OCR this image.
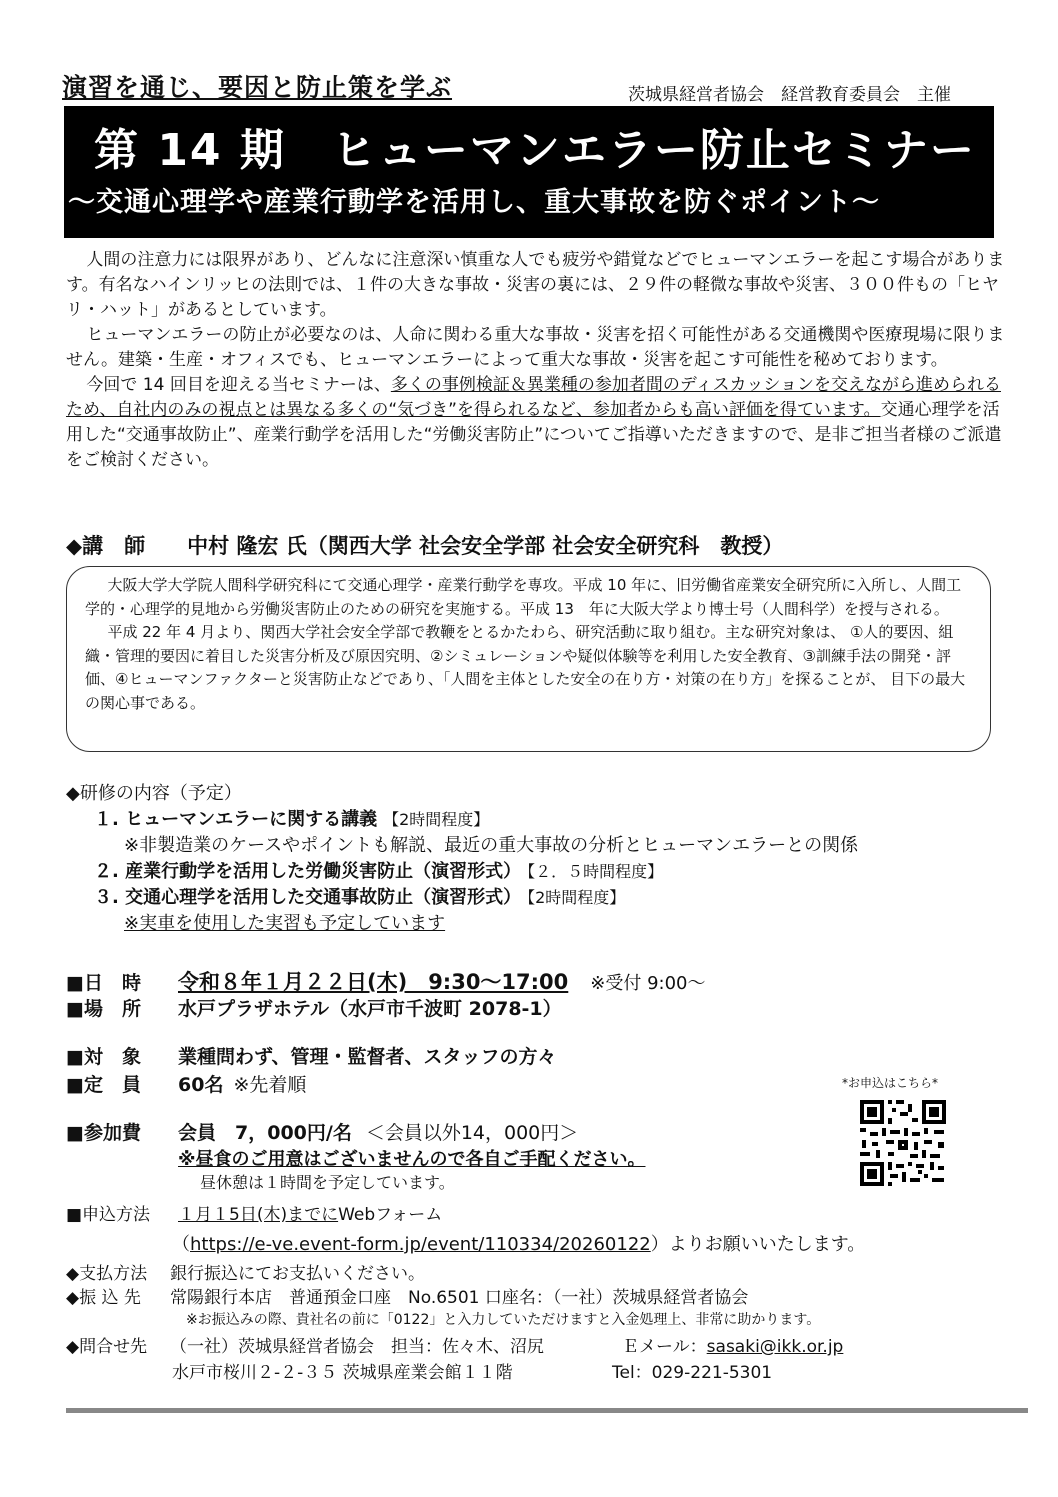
演習を通じ、要因と防止策を学ぶ	茨城県経営者協会　経営教育委員会　主催
第 14 期　ヒューマンエラー防止セミナー
～交通心理学や産業行動学を活用し、重大事故を防ぐポイント～

人間の注意力には限界があり、どんなに注意深い慎重な人でも疲労や錯覚などでヒューマンエラーを起こす場合があります。有名なハインリッヒの法則では、１件の大きな事故・災害の裏には、２９件の軽微な事故や災害、３００件もの「ヒヤリ・ハット」があるとしています。

ヒューマンエラーの防止が必要なのは、人命に関わる重大な事故・災害を招く可能性がある交通機関や医療現場に限りません。建築・生産・オフィスでも、ヒューマンエラーによって重大な事故・災害を起こす可能性を秘めております。

今回で 14 回目を迎える当セミナーは、多くの事例検証＆異業種の参加者間のディスカッションを交えながら進められるため、自社内のみの視点とは異なる多くの“気づき”を得られるなど、参加者からも高い評価を得ています。交通心理学を活用した“交通事故防止”、産業行動学を活用した“労働災害防止”についてご指導いただきますので、是非ご担当者様のご派遣をご検討ください。

◆講　師　　中村 隆宏 氏（関西大学 社会安全学部 社会安全研究科　教授）

大阪大学大学院人間科学研究科にて交通心理学・産業行動学を専攻。平成 10 年に、旧労働省産業安全研究所に入所し、人間工学的・心理学的見地から労働災害防止のための研究を実施する。平成 13　年に大阪大学より博士号（人間科学）を授与される。

平成 22 年 4 月より、関西大学社会安全学部で教鞭をとるかたわら、研究活動に取り組む。主な研究対象は、 ①人的要因、組織・管理的要因に着目した災害分析及び原因究明、②シミュレーションや疑似体験等を利用した安全教育、③訓練手法の開発・評価、④ヒューマンファクターと災害防止などであり、「人間を主体とした安全の在り方・対策の在り方」を探ることが、 目下の最大の関心事である。

◆研修の内容（予定）
１. ヒューマンエラーに関する講義 【2時間程度】
※非製造業のケースやポイントも解説、最近の重大事故の分析とヒューマンエラーとの関係
２. 産業行動学を活用した労働災害防止（演習形式） 【２．５時間程度】
３. 交通心理学を活用した交通事故防止（演習形式） 【2時間程度】
※実車を使用した実習も予定しています
■日　時 令和８年１月２２日(木)　9:30～17:00 ※受付 9:00～
■場　所 水戸プラザホテル（水戸市千波町 2078-1）
■対　象 業種問わず、管理・監督者、スタッフの方々
■定　員 60名 ※先着順
■参加費 会員　7，000円/名 ＜会員以外14，000円＞
※昼食のご用意はございませんので各自ご手配ください。
昼休憩は１時間を予定しています。
■申込方法 １月１5日(木)までにWebフォーム
（https://e-ve.event-form.jp/event/110334/20260122）よりお願いいたします。
◆支払方法 銀行振込にてお支払いください。
◆振 込 先 常陽銀行本店　普通預金口座　No.6501 口座名：（一社）茨城県経営者協会
※お振込みの際、貴社名の前に「0122」と入力していただけますと入金処理上、非常に助かります。
◆問合せ先 （一社）茨城県経営者協会　担当：佐々木、沼尻	Ｅメール：sasaki@ikk.or.jp
水戸市桜川２-２-３５ 茨城県産業会館１１階	Tel：029-221-5301
*お申込はこちら*
